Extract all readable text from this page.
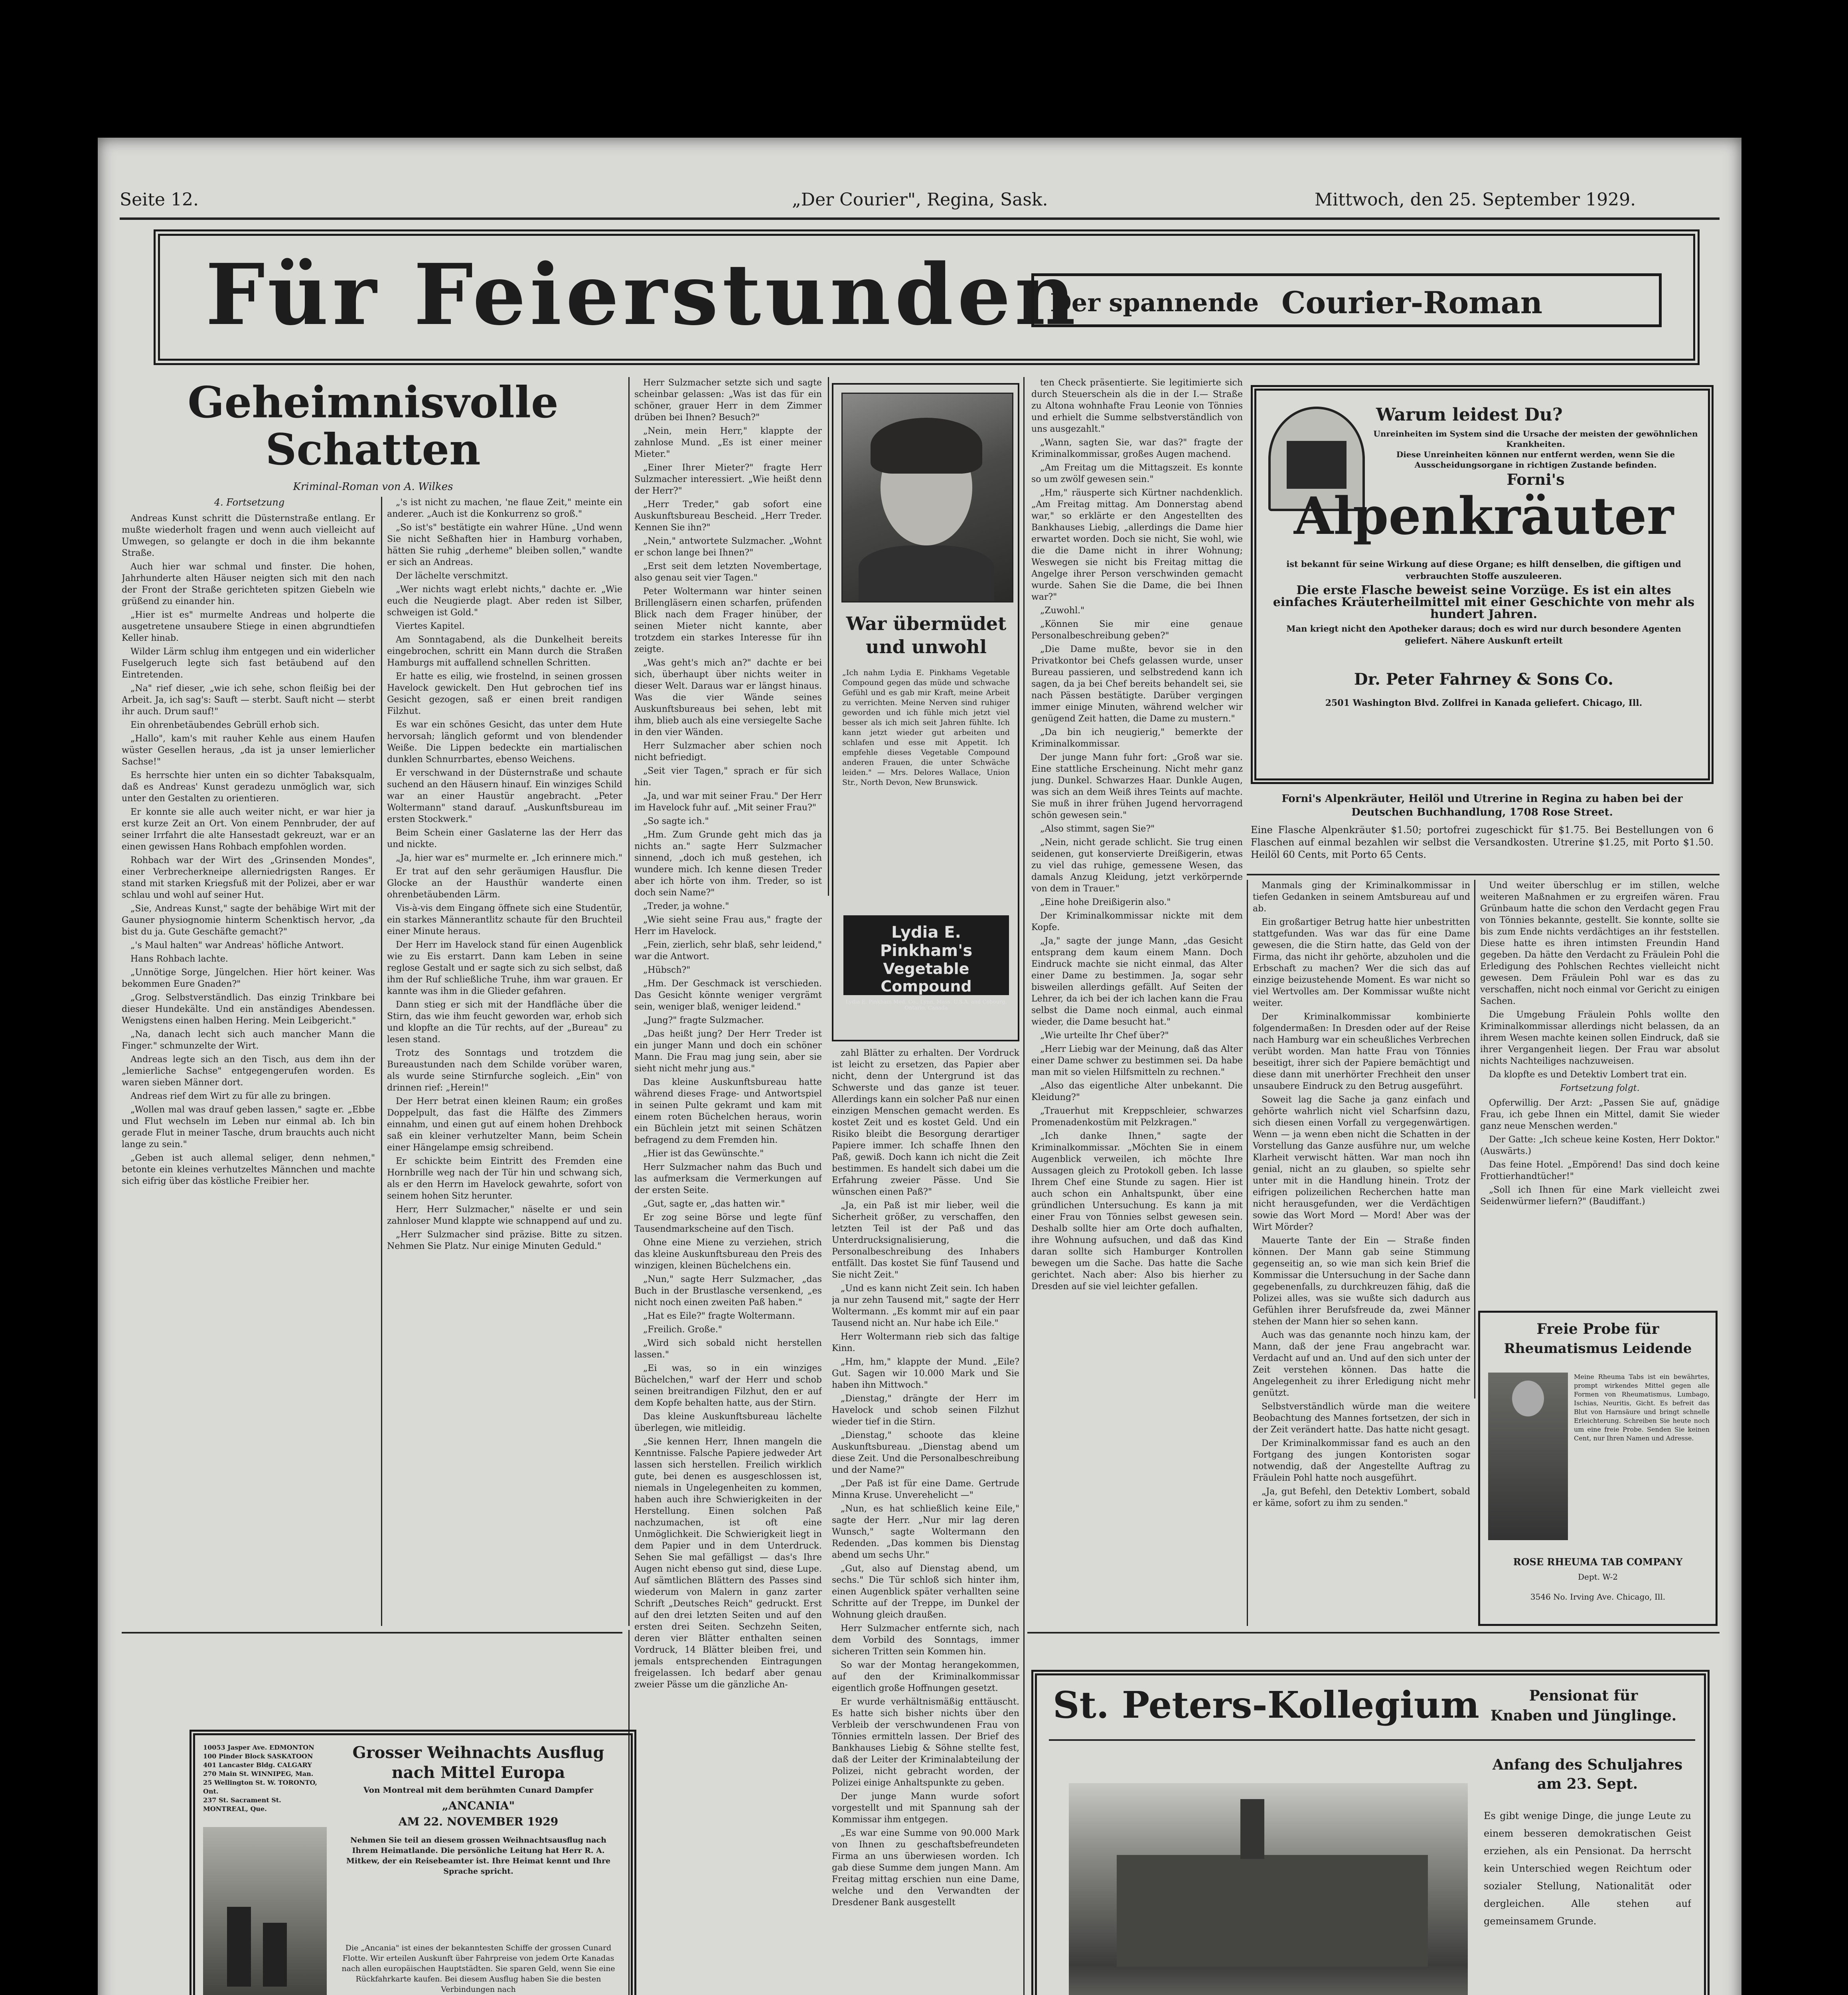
Seite 12.	„Der Courier", Regina, Sask.	Mittwoch, den 25. September 1929.
Für Feierstunden
Der spannende Courier-Roman
Geheimnisvolle
Schatten
Kriminal-Roman von A. Wilkes
4. Fortsetzung

Andreas Kunst schritt die Düsternstraße entlang. Er mußte wiederholt fragen und wenn auch vielleicht auf Umwegen, so gelangte er doch in die ihm bekannte Straße.

Auch hier war schmal und finster. Die hohen, Jahrhunderte alten Häuser neigten sich mit den nach der Front der Straße gerichteten spitzen Giebeln wie grüßend zu einander hin.

„Hier ist es" murmelte Andreas und holperte die ausgetretene unsaubere Stiege in einen abgrundtiefen Keller hinab.

Wilder Lärm schlug ihm entgegen und ein widerlicher Fuselgeruch legte sich fast betäubend auf den Eintretenden.

„Na" rief dieser, „wie ich sehe, schon fleißig bei der Arbeit. Ja, ich sag's: Sauft — sterbt. Sauft nicht — sterbt ihr auch. Drum sauf!"

Ein ohrenbetäubendes Gebrüll erhob sich.

„Hallo", kam's mit rauher Kehle aus einem Haufen wüster Gesellen heraus, „da ist ja unser lemierlicher Sachse!"

Es herrschte hier unten ein so dichter Tabaksqualm, daß es Andreas' Kunst geradezu unmöglich war, sich unter den Gestalten zu orientieren.

Er konnte sie alle auch weiter nicht, er war hier ja erst kurze Zeit an Ort. Von einem Pennbruder, der auf seiner Irrfahrt die alte Hansestadt gekreuzt, war er an einen gewissen Hans Rohbach empfohlen worden.

Rohbach war der Wirt des „Grinsenden Mondes", einer Verbrecherkneipe allerniedrigsten Ranges. Er stand mit starken Kriegsfuß mit der Polizei, aber er war schlau und wohl auf seiner Hut.

„Sie, Andreas Kunst," sagte der behäbige Wirt mit der Gauner physiognomie hinterm Schenktisch hervor, „da bist du ja. Gute Geschäfte gemacht?"

„'s Maul halten" war Andreas' höfliche Antwort.

Hans Rohbach lachte.

„Unnötige Sorge, Jüngelchen. Hier hört keiner. Was bekommen Eure Gnaden?"

„Grog. Selbstverständlich. Das einzig Trinkbare bei dieser Hundekälte. Und ein anständiges Abendessen. Wenigstens einen halben Hering. Mein Leibgericht."

„Na, danach lecht sich auch mancher Mann die Finger." schmunzelte der Wirt.

Andreas legte sich an den Tisch, aus dem ihn der „lemierliche Sachse" entgegengerufen worden. Es waren sieben Männer dort.

Andreas rief dem Wirt zu für alle zu bringen.

„Wollen mal was drauf geben lassen," sagte er. „Ebbe und Flut wechseln im Leben nur einmal ab. Ich bin gerade Flut in meiner Tasche, drum brauchts auch nicht lange zu sein."

„Geben ist auch allemal seliger, denn nehmen," betonte ein kleines verhutzeltes Männchen und machte sich eifrig über das köstliche Freibier her.

„'s ist nicht zu machen, 'ne flaue Zeit," meinte ein anderer. „Auch ist die Konkurrenz so groß."

„So ist's" bestätigte ein wahrer Hüne. „Und wenn Sie nicht Seßhaften hier in Hamburg vorhaben, hätten Sie ruhig „derheme" bleiben sollen," wandte er sich an Andreas.

Der lächelte verschmitzt.

„Wer nichts wagt erlebt nichts," dachte er. „Wie euch die Neugierde plagt. Aber reden ist Silber, schweigen ist Gold."

Viertes Kapitel.

Am Sonntagabend, als die Dunkelheit bereits eingebrochen, schritt ein Mann durch die Straßen Hamburgs mit auffallend schnellen Schritten.

Er hatte es eilig, wie frostelnd, in seinen grossen Havelock gewickelt. Den Hut gebrochen tief ins Gesicht gezogen, saß er einen breit randigen Filzhut.

Es war ein schönes Gesicht, das unter dem Hute hervorsah; länglich geformt und von blendender Weiße. Die Lippen bedeckte ein martialischen dunklen Schnurrbartes, ebenso Weichens.

Er verschwand in der Düsternstraße und schaute suchend an den Häusern hinauf. Ein winziges Schild war an einer Haustür angebracht. „Peter Woltermann" stand darauf. „Auskunftsbureau im ersten Stockwerk."

Beim Schein einer Gaslaterne las der Herr das und nickte.

„Ja, hier war es" murmelte er. „Ich erinnere mich."

Er trat auf den sehr geräumigen Hausflur. Die Glocke an der Hausthür wanderte einen ohrenbetäubenden Lärm.

Vis-à-vis dem Eingang öffnete sich eine Studentür, ein starkes Männerantlitz schaute für den Bruchteil einer Minute heraus.

Der Herr im Havelock stand für einen Augenblick wie zu Eis erstarrt. Dann kam Leben in seine reglose Gestalt und er sagte sich zu sich selbst, daß ihm der Ruf schließliche Truhe, ihm war grauen. Er kannte was ihm in die Glieder gefahren.

Dann stieg er sich mit der Handfläche über die Stirn, das wie ihm feucht geworden war, erhob sich und klopfte an die Tür rechts, auf der „Bureau" zu lesen stand.

Trotz des Sonntags und trotzdem die Bureaustunden nach dem Schilde vorüber waren, als wurde seine Stirnfurche sogleich. „Ein" von drinnen rief: „Herein!"

Der Herr betrat einen kleinen Raum; ein großes Doppelpult, das fast die Hälfte des Zimmers einnahm, und einen gut auf einem hohen Drehbock saß ein kleiner verhutzelter Mann, beim Schein einer Hängelampe emsig schreibend.

Er schickte beim Eintritt des Fremden eine Hornbrille weg nach der Tür hin und schwang sich, als er den Herrn im Havelock gewahrte, sofort von seinem hohen Sitz herunter.

Herr, Herr Sulzmacher," näselte er und sein zahnloser Mund klappte wie schnappend auf und zu.

„Herr Sulzmacher sind präzise. Bitte zu sitzen. Nehmen Sie Platz. Nur einige Minuten Geduld."

Herr Sulzmacher setzte sich und sagte scheinbar gelassen: „Was ist das für ein schöner, grauer Herr in dem Zimmer drüben bei Ihnen? Besuch?"

„Nein, mein Herr," klappte der zahnlose Mund. „Es ist einer meiner Mieter."

„Einer Ihrer Mieter?" fragte Herr Sulzmacher interessiert. „Wie heißt denn der Herr?"

„Herr Treder," gab sofort eine Auskunftsbureau Bescheid. „Herr Treder. Kennen Sie ihn?"

„Nein," antwortete Sulzmacher. „Wohnt er schon lange bei Ihnen?"

„Erst seit dem letzten Novembertage, also genau seit vier Tagen."

Peter Woltermann war hinter seinen Brillengläsern einen scharfen, prüfenden Blick nach dem Frager hinüber, der seinen Mieter nicht kannte, aber trotzdem ein starkes Interesse für ihn zeigte.

„Was geht's mich an?" dachte er bei sich, überhaupt über nichts weiter in dieser Welt. Daraus war er längst hinaus. Was die vier Wände seines Auskunftsbureaus bei sehen, lebt mit ihm, blieb auch als eine versiegelte Sache in den vier Wänden.

Herr Sulzmacher aber schien noch nicht befriedigt.

„Seit vier Tagen," sprach er für sich hin.

„Ja, und war mit seiner Frau." Der Herr im Havelock fuhr auf. „Mit seiner Frau?"

„So sagte ich."

„Hm. Zum Grunde geht mich das ja nichts an." sagte Herr Sulzmacher sinnend, „doch ich muß gestehen, ich wundere mich. Ich kenne diesen Treder aber ich hörte von ihm. Treder, so ist doch sein Name?"

„Treder, ja wohne."

„Wie sieht seine Frau aus," fragte der Herr im Havelock.

„Fein, zierlich, sehr blaß, sehr leidend," war die Antwort.

„Hübsch?"

„Hm. Der Geschmack ist verschieden. Das Gesicht könnte weniger vergrämt sein, weniger blaß, weniger leidend."

„Jung?" fragte Sulzmacher.

„Das heißt jung? Der Herr Treder ist ein junger Mann und doch ein schöner Mann. Die Frau mag jung sein, aber sie sieht nicht mehr jung aus."

Das kleine Auskunftsbureau hatte während dieses Frage- und Antwortspiel in seinen Pulte gekramt und kam mit einem roten Büchelchen heraus, worin ein Büchlein jetzt mit seinen Schätzen befragend zu dem Fremden hin.

„Hier ist das Gewünschte."

Herr Sulzmacher nahm das Buch und las aufmerksam die Vermerkungen auf der ersten Seite.

„Gut, sagte er, „das hatten wir."

Er zog seine Börse und legte fünf Tausendmarkscheine auf den Tisch.

Ohne eine Miene zu verziehen, strich das kleine Auskunftsbureau den Preis des winzigen, kleinen Büchelchens ein.

„Nun," sagte Herr Sulzmacher, „das Buch in der Brustlasche versenkend, „es nicht noch einen zweiten Paß haben."

„Hat es Eile?" fragte Woltermann.

„Freilich. Große."

„Wird sich sobald nicht herstellen lassen."

„Ei was, so in ein winziges Büchelchen," warf der Herr und schob seinen breitrandigen Filzhut, den er auf dem Kopfe behalten hatte, aus der Stirn.

Das kleine Auskunftsbureau lächelte überlegen, wie mitleidig.

„Sie kennen Herr, Ihnen mangeln die Kenntnisse. Falsche Papiere jedweder Art lassen sich herstellen. Freilich wirklich gute, bei denen es ausgeschlossen ist, niemals in Ungelegenheiten zu kommen, haben auch ihre Schwierigkeiten in der Herstellung. Einen solchen Paß nachzumachen, ist oft eine Unmöglichkeit. Die Schwierigkeit liegt in dem Papier und in dem Unterdruck. Sehen Sie mal gefälligst — das's Ihre Augen nicht ebenso gut sind, diese Lupe. Auf sämtlichen Blättern des Passes sind wiederum von Malern in ganz zarter Schrift „Deutsches Reich" gedruckt. Erst auf den drei letzten Seiten und auf den ersten drei Seiten. Sechzehn Seiten, deren vier Blätter enthalten seinen Vordruck, 14 Blätter bleiben frei, und jemals entsprechenden Eintragungen freigelassen. Ich bedarf aber genau zweier Pässe um die gänzliche An-

zahl Blätter zu erhalten. Der Vordruck ist leicht zu ersetzen, das Papier aber nicht, denn der Untergrund ist das Schwerste und das ganze ist teuer. Allerdings kann ein solcher Paß nur einen einzigen Menschen gemacht werden. Es kostet Zeit und es kostet Geld. Und ein Risiko bleibt die Besorgung derartiger Papiere immer. Ich schaffe Ihnen den Paß, gewiß. Doch kann ich nicht die Zeit bestimmen. Es handelt sich dabei um die Erfahrung zweier Pässe. Und Sie wünschen einen Paß?"

„Ja, ein Paß ist mir lieber, weil die Sicherheit größer, zu verschaffen, den letzten Teil ist der Paß und das Unterdrucksignalisierung, die Personalbeschreibung des Inhabers entfällt. Das kostet Sie fünf Tausend und Sie nicht Zeit."

„Und es kann nicht Zeit sein. Ich haben ja nur zehn Tausend mit," sagte der Herr Woltermann. „Es kommt mir auf ein paar Tausend nicht an. Nur habe ich Eile."

Herr Woltermann rieb sich das faltige Kinn.

„Hm, hm," klappte der Mund. „Eile? Gut. Sagen wir 10.000 Mark und Sie haben ihn Mittwoch."

„Dienstag," drängte der Herr im Havelock und schob seinen Filzhut wieder tief in die Stirn.

„Dienstag," schoote das kleine Auskunftsbureau. „Dienstag abend um diese Zeit. Und die Personalbeschreibung und der Name?"

„Der Paß ist für eine Dame. Gertrude Minna Kruse. Unverehelicht —"

„Nun, es hat schließlich keine Eile," sagte der Herr. „Nur mir lag deren Wunsch," sagte Woltermann den Redenden. „Das kommen bis Dienstag abend um sechs Uhr."

„Gut, also auf Dienstag abend, um sechs." Die Tür schloß sich hinter ihm, einen Augenblick später verhallten seine Schritte auf der Treppe, im Dunkel der Wohnung gleich draußen.

Herr Sulzmacher entfernte sich, nach dem Vorbild des Sonntags, immer sicheren Tritten sein Kommen hin.

So war der Montag herangekommen, auf den der Kriminalkommissar eigentlich große Hoffnungen gesetzt.

Er wurde verhältnismäßig enttäuscht. Es hatte sich bisher nichts über den Verbleib der verschwundenen Frau von Tönnies ermitteln lassen. Der Brief des Bankhauses Liebig & Söhne stellte fest, daß der Leiter der Kriminalabteilung der Polizei, nicht gebracht worden, der Polizei einige Anhaltspunkte zu geben.

Der junge Mann wurde sofort vorgestellt und mit Spannung sah der Kommissar ihm entgegen.

„Es war eine Summe von 90.000 Mark von Ihnen zu geschaftsbefreundeten Firma an uns überwiesen worden. Ich gab diese Summe dem jungen Mann. Am Freitag mittag erschien nun eine Dame, welche und den Verwandten der Dresdener Bank ausgestellt

ten Check präsentierte. Sie legitimierte sich durch Steuerschein als die in der I.— Straße zu Altona wohnhafte Frau Leonie von Tönnies und erhielt die Summe selbstverständlich von uns ausgezahlt."

„Wann, sagten Sie, war das?" fragte der Kriminalkommissar, großes Augen machend.

„Am Freitag um die Mittagszeit. Es konnte so um zwölf gewesen sein."

„Hm," räusperte sich Kürtner nachdenklich. „Am Freitag mittag. Am Donnerstag abend war," so erklärte er den Angestellten des Bankhauses Liebig, „allerdings die Dame hier erwartet worden. Doch sie nicht, Sie wohl, wie die die Dame nicht in ihrer Wohnung; Weswegen sie nicht bis Freitag mittag die Angelge ihrer Person verschwinden gemacht wurde. Sahen Sie die Dame, die bei Ihnen war?"

„Zuwohl."

„Können Sie mir eine genaue Personalbeschreibung geben?"

„Die Dame mußte, bevor sie in den Privatkontor bei Chefs gelassen wurde, unser Bureau passieren, und selbstredend kann ich sagen, da ja bei Chef bereits behandelt sei, sie nach Pässen bestätigte. Darüber vergingen immer einige Minuten, während welcher wir genügend Zeit hatten, die Dame zu mustern."

„Da bin ich neugierig," bemerkte der Kriminalkommissar.

Der junge Mann fuhr fort: „Groß war sie. Eine stattliche Erscheinung. Nicht mehr ganz jung. Dunkel. Schwarzes Haar. Dunkle Augen, was sich an dem Weiß ihres Teints auf machte. Sie muß in ihrer frühen Jugend hervorragend schön gewesen sein."

„Also stimmt, sagen Sie?"

„Nein, nicht gerade schlicht. Sie trug einen seidenen, gut konservierte Dreißigerin, etwas zu viel das ruhige, gemessene Wesen, das damals Anzug Kleidung, jetzt verkörpernde von dem in Trauer."

„Eine hohe Dreißigerin also."

Der Kriminalkommissar nickte mit dem Kopfe.

„Ja," sagte der junge Mann, „das Gesicht entsprang dem kaum einem Mann. Doch Eindruck machte sie nicht einmal, das Alter einer Dame zu bestimmen. Ja, sogar sehr bisweilen allerdings gefällt. Auf Seiten der Lehrer, da ich bei der ich lachen kann die Frau selbst die Dame noch einmal, auch einmal wieder, die Dame besucht hat."

„Wie urteilte Ihr Chef über?"

„Herr Liebig war der Meinung, daß das Alter einer Dame schwer zu bestimmen sei. Da habe man mit so vielen Hilfsmitteln zu rechnen."

„Also das eigentliche Alter unbekannt. Die Kleidung?"

„Trauerhut mit Kreppschleier, schwarzes Promenadenkostüm mit Pelzkragen."

„Ich danke Ihnen," sagte der Kriminalkommissar. „Möchten Sie in einem Augenblick verweilen, ich möchte Ihre Aussagen gleich zu Protokoll geben. Ich lasse Ihrem Chef eine Stunde zu sagen. Hier ist auch schon ein Anhaltspunkt, über eine gründlichen Untersuchung. Es kann ja mit einer Frau von Tönnies selbst gewesen sein. Deshalb sollte hier am Orte doch aufhalten, ihre Wohnung aufsuchen, und daß das Kind daran sollte sich Hamburger Kontrollen bewegen um die Sache. Das hatte die Sache gerichtet. Nach aber: Also bis hierher zu Dresden auf sie viel leichter gefallen.

Manmals ging der Kriminalkommissar in tiefen Gedanken in seinem Amtsbureau auf und ab.

Ein großartiger Betrug hatte hier unbestritten stattgefunden. Was war das für eine Dame gewesen, die die Stirn hatte, das Geld von der Firma, das nicht ihr gehörte, abzuholen und die Erbschaft zu machen? Wer die sich das auf einzige beizustehende Moment. Es war nicht so viel Wertvolles am. Der Kommissar wußte nicht weiter.

Der Kriminalkommissar kombinierte folgendermaßen: In Dresden oder auf der Reise nach Hamburg war ein scheußliches Verbrechen verübt worden. Man hatte Frau von Tönnies beseitigt, ihrer sich der Papiere bemächtigt und diese dann mit unerhörter Frechheit den unser unsaubere Eindruck zu den Betrug ausgeführt.

Soweit lag die Sache ja ganz einfach und gehörte wahrlich nicht viel Scharfsinn dazu, sich diesen einen Vorfall zu vergegenwärtigen. Wenn — ja wenn eben nicht die Schatten in der Vorstellung das Ganze ausführe nur, um welche Klarheit verwischt hätten. War man noch ihn genial, nicht an zu glauben, so spielte sehr unter mit in die Handlung hinein. Trotz der eifrigen polizeilichen Recherchen hatte man nicht herausgefunden, wer die Verdächtigen sowie das Wort Mord — Mord! Aber was der Wirt Mörder?

Mauerte Tante der Ein — Straße finden können. Der Mann gab seine Stimmung gegenseitig an, so wie man sich kein Brief die Kommissar die Untersuchung in der Sache dann gegebenenfalls, zu durchkreuzen fähig, daß die Polizei alles, was sie wußte sich dadurch aus Gefühlen ihrer Berufsfreude da, zwei Männer stehen der Mann hier so sehen kann.

Auch was das genannte noch hinzu kam, der Mann, daß der jene Frau angebracht war. Verdacht auf und an. Und auf den sich unter der Zeit verstehen können. Das hatte die Angelegenheit zu ihrer Erledigung nicht mehr genützt.

Selbstverständlich würde man die weitere Beobachtung des Mannes fortsetzen, der sich in der Zeit verändert hatte. Das hatte nicht gesagt.

Der Kriminalkommissar fand es auch an den Fortgang des jungen Kontoristen sogar notwendig, daß der Angestellte Auftrag zu Fräulein Pohl hatte noch ausgeführt.

„Ja, gut Befehl, den Detektiv Lombert, sobald er käme, sofort zu ihm zu senden."

Und weiter überschlug er im stillen, welche weiteren Maßnahmen er zu ergreifen wären. Frau Grünbaum hatte die schon den Verdacht gegen Frau von Tönnies bekannte, gestellt. Sie konnte, sollte sie bis zum Ende nichts verdächtiges an ihr feststellen. Diese hatte es ihren intimsten Freundin Hand gegeben. Da hätte den Verdacht zu Fräulein Pohl die Erledigung des Pohlschen Rechtes vielleicht nicht gewesen. Dem Fräulein Pohl war es das zu verschaffen, nicht noch einmal vor Gericht zu einigen Sachen.

Die Umgebung Fräulein Pohls wollte den Kriminalkommissar allerdings nicht belassen, da an ihrem Wesen machte keinen sollen Eindruck, daß sie ihrer Vergangenheit liegen. Der Frau war absolut nichts Nachteiliges nachzuweisen.

Da klopfte es und Detektiv Lombert trat ein.

Fortsetzung folgt.

Opferwillig. Der Arzt: „Passen Sie auf, gnädige Frau, ich gebe Ihnen ein Mittel, damit Sie wieder ganz neue Menschen werden."

Der Gatte: „Ich scheue keine Kosten, Herr Doktor." (Auswärts.)

Das feine Hotel. „Empörend! Das sind doch keine Frottierhandtücher!"

„Soll ich Ihnen für eine Mark vielleicht zwei Seidenwürmer liefern?" (Baudiffant.)

War übermüdet und unwohl
„Ich nahm Lydia E. Pinkhams Vegetable Compound gegen das müde und schwache Gefühl und es gab mir Kraft, meine Arbeit zu verrichten. Meine Nerven sind ruhiger geworden und ich fühle mich jetzt viel besser als ich mich seit Jahren fühlte. Ich kann jetzt wieder gut arbeiten und schlafen und esse mit Appetit. Ich empfehle dieses Vegetable Compound anderen Frauen, die unter Schwäche leiden." — Mrs. Delores Wallace, Union Str., North Devon, New Brunswick.
Lydia E. Pinkham's
Vegetable Compound
Lydia E. Pinkham Med. Co., Lynn, Mass. U.S.A. and Cobourg, Ontario, Canada
Warum leidest Du?
Unreinheiten im System sind die Ursache der meisten der gewöhnlichen Krankheiten.
Diese Unreinheiten können nur entfernt werden, wenn Sie die Ausscheidungsorgane in richtigen Zustande befinden.
Forni's
Alpenkräuter
ist bekannt für seine Wirkung auf diese Organe; es hilft denselben, die giftigen und verbrauchten Stoffe auszuleeren.
Die erste Flasche beweist seine Vorzüge. Es ist ein altes einfaches Kräuterheilmittel mit einer Geschichte von mehr als hundert Jahren.
Man kriegt nicht den Apotheker daraus; doch es wird nur durch besondere Agenten geliefert. Nähere Auskunft erteilt
Dr. Peter Fahrney & Sons Co.
2501 Washington Blvd. Zollfrei in Kanada geliefert. Chicago, Ill.
Forni's Alpenkräuter, Heilöl und Utrerine in Regina zu haben bei der Deutschen Buchhandlung, 1708 Rose Street.
Eine Flasche Alpenkräuter $1.50; portofrei zugeschickt für $1.75. Bei Bestellungen von 6 Flaschen auf einmal bezahlen wir selbst die Versandkosten. Utrerine $1.25, mit Porto $1.50. Heilöl 60 Cents, mit Porto 65 Cents.
Freie Probe für
Rheumatismus Leidende
Meine Rheuma Tabs ist ein bewährtes, prompt wirkendes Mittel gegen alle Formen von Rheumatismus, Lumbago, Ischias, Neuritis, Gicht. Es befreit das Blut von Harnsäure und bringt schnelle Erleichterung. Schreiben Sie heute noch um eine freie Probe. Senden Sie keinen Cent, nur Ihren Namen und Adresse.
ROSE RHEUMA TAB COMPANY
Dept. W-2
3546 No. Irving Ave. Chicago, Ill.
10053 Jasper Ave. EDMONTON
100 Pinder Block SASKATOON
401 Lancaster Bldg. CALGARY
270 Main St. WINNIPEG, Man.
25 Wellington St. W. TORONTO, Ont.
237 St. Sacrament St. MONTREAL, Que.
Grosser Weihnachts Ausflug
nach Mittel Europa
Von Montreal mit dem berühmten Cunard Dampfer
„ANCANIA"
AM 22. NOVEMBER 1929
Nehmen Sie teil an diesem grossen Weihnachtsausflug nach Ihrem Heimatlande. Die persönliche Leitung hat Herr R. A. Mitkew, der ein Reisebeamter ist. Ihre Heimat kennt und Ihre Sprache spricht.
Die „Ancania" ist eines der bekanntesten Schiffe der grossen Cunard Flotte. Wir erteilen Auskunft über Fahrpreise von jedem Orte Kanadas nach allen europäischen Hauptstädten. Sie sparen Geld, wenn Sie eine Rückfahrkarte kaufen. Bei diesem Ausflug haben Sie die besten Verbindungen nach
St. Peters-Kollegium	Pensionat für
Knaben und Jünglinge.
Anfang des Schuljahres am 23. Sept.
Es gibt wenige Dinge, die junge Leute zu einem besseren demokratischen Geist erziehen, als ein Pensionat. Da herrscht kein Unterschied wegen Reichtum oder sozialer Stellung, Nationalität oder dergleichen. Alle stehen auf gemeinsamem Grunde.
